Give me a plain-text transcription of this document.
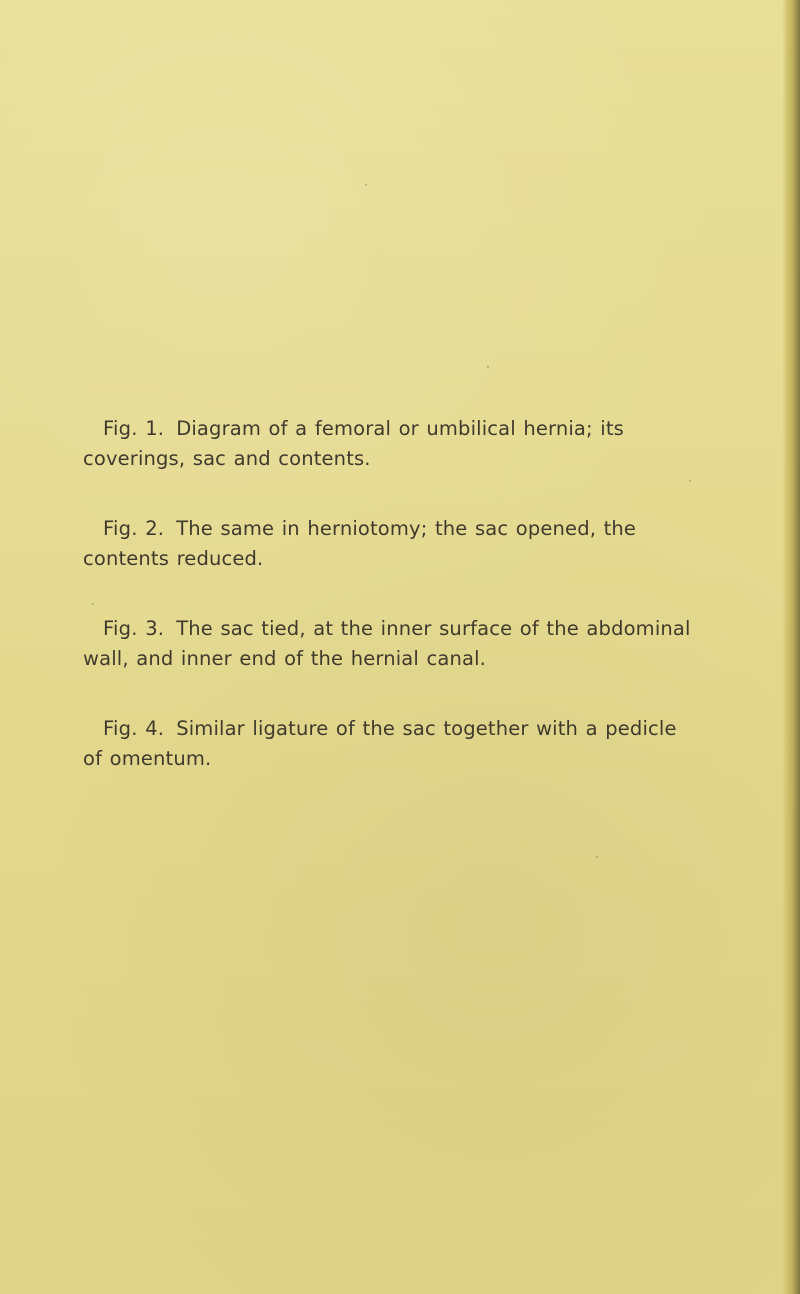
Fig. 1. Diagram of a femoral or umbilical hernia; its
coverings, sac and contents.

Fig. 2. The same in herniotomy; the sac opened, the
contents reduced.

Fig. 3. The sac tied, at the inner surface of the abdominal
wall, and inner end of the hernial canal.

Fig. 4. Similar ligature of the sac together with a pedicle
of omentum.
